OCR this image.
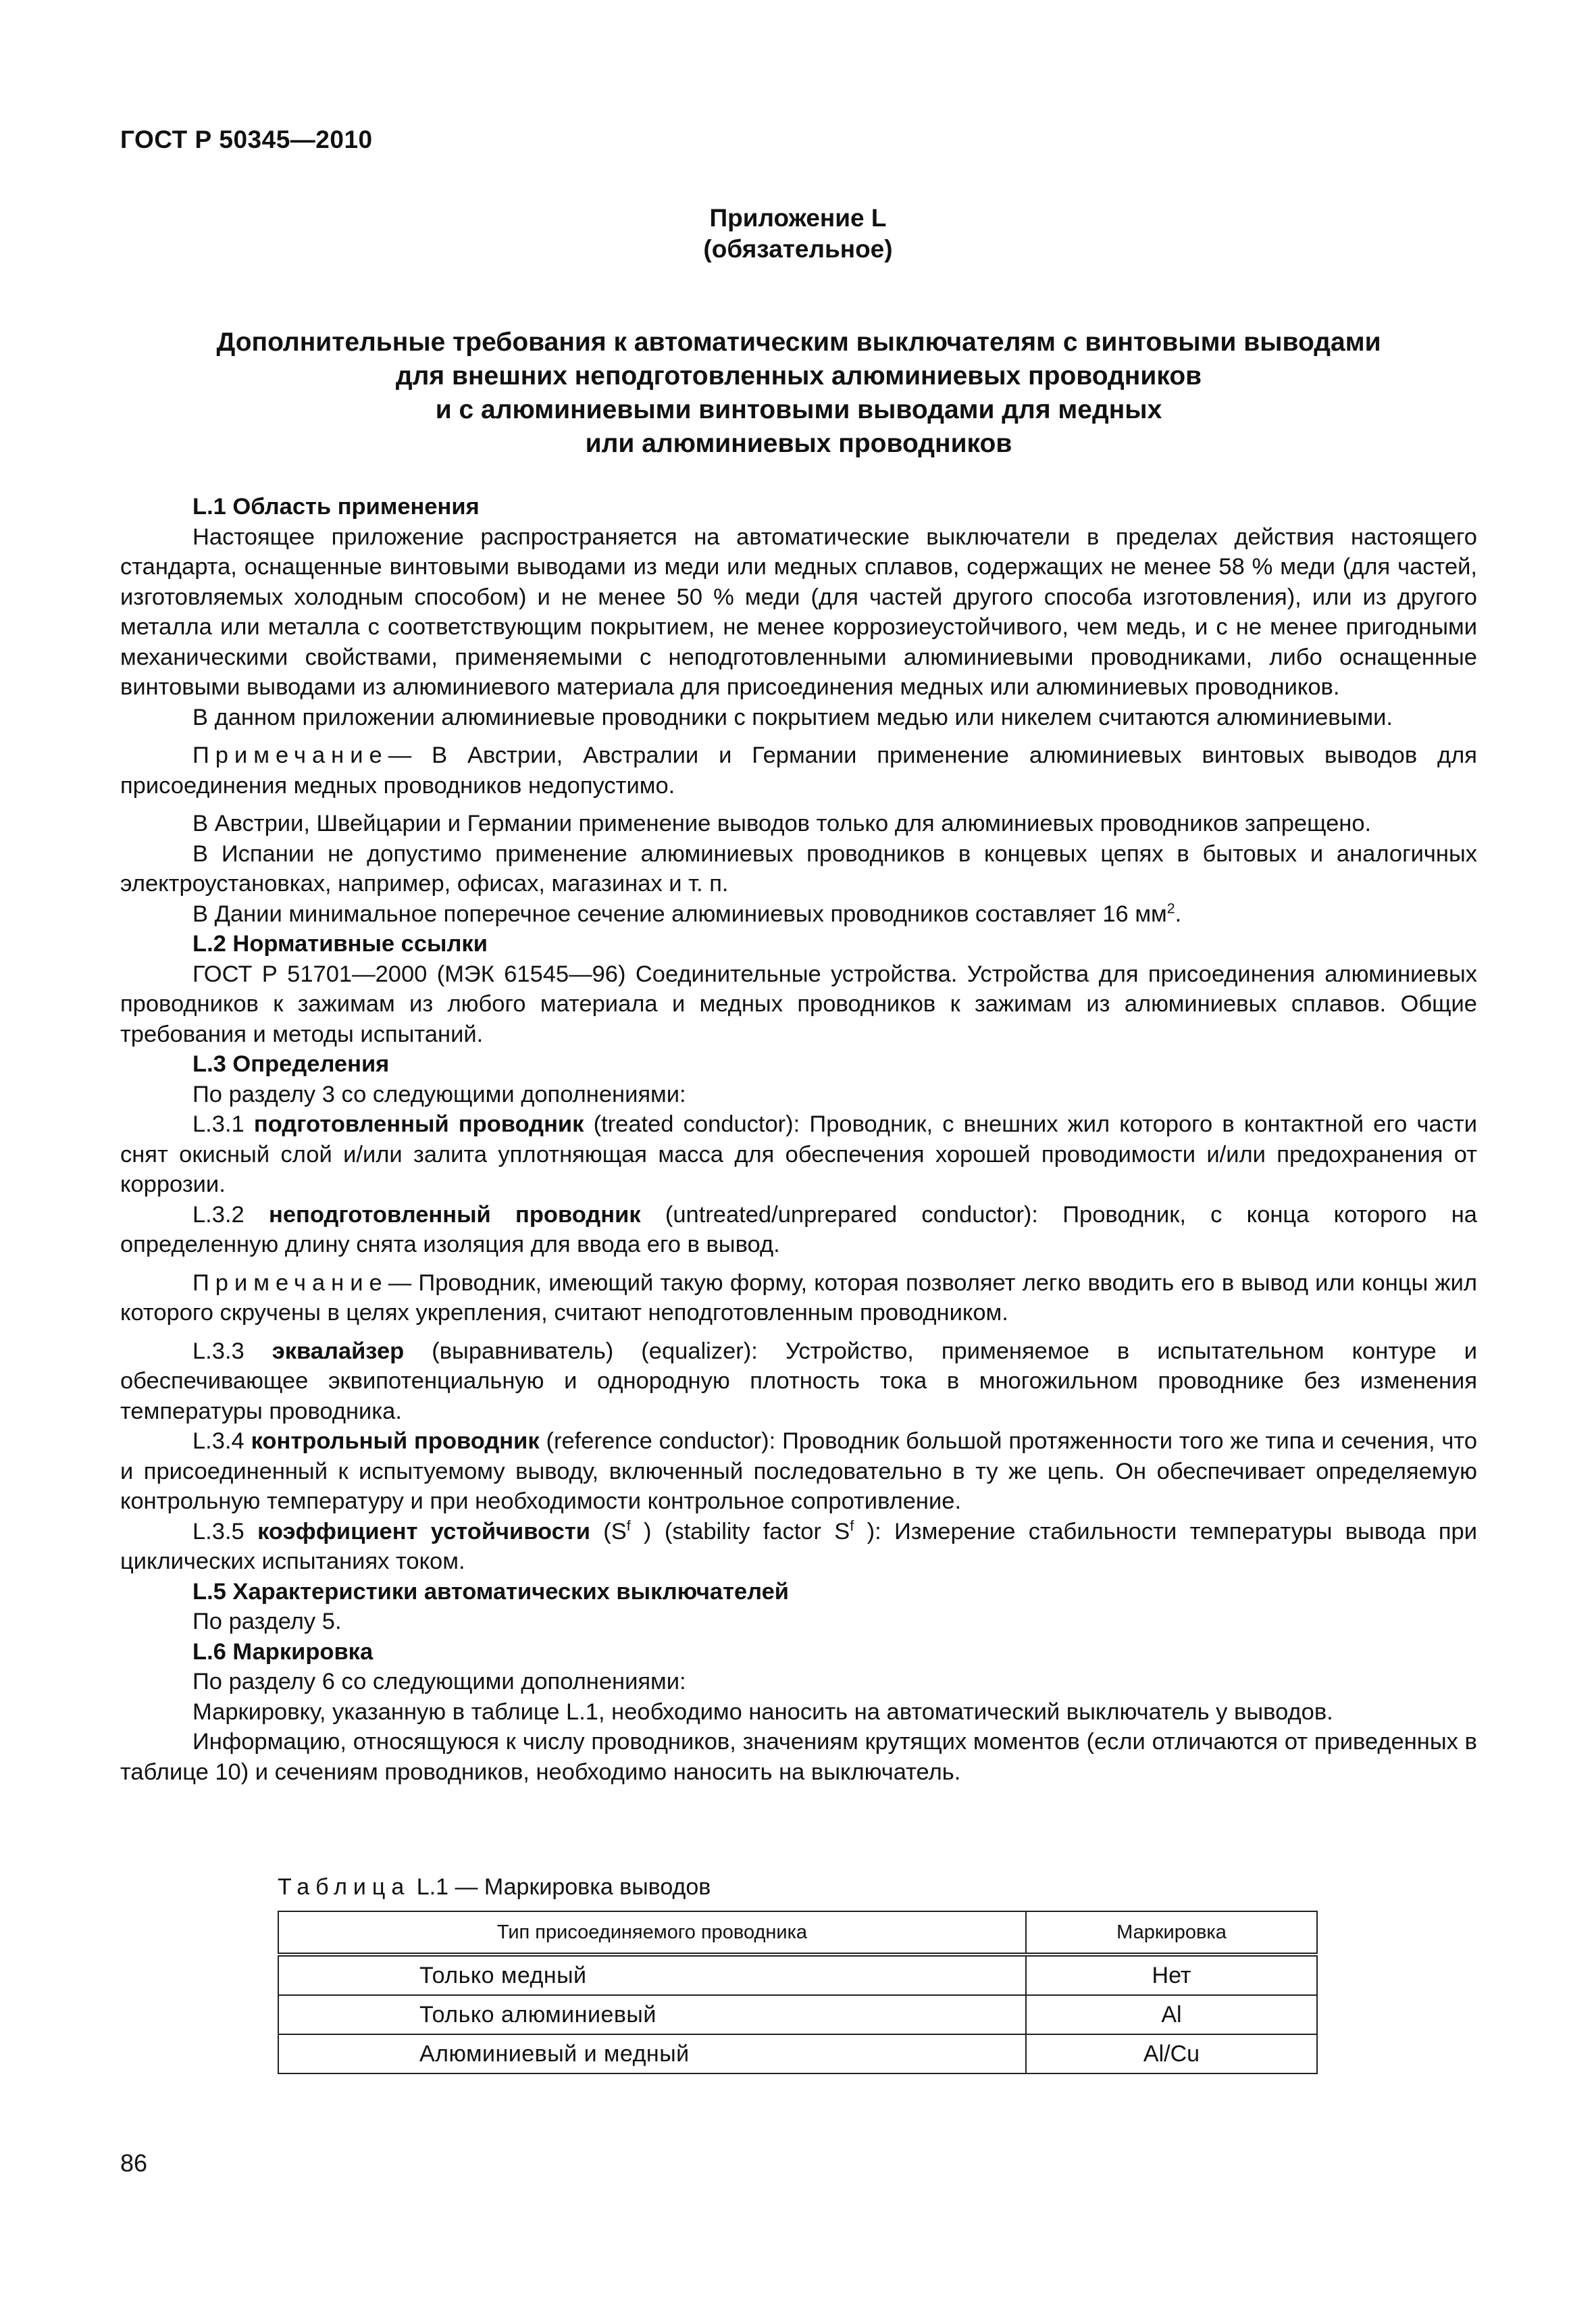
ГОСТ Р 50345—2010
Приложение L
(обязательное)
Дополнительные требования к автоматическим выключателям с винтовыми выводами
для внешних неподготовленных алюминиевых проводников
и с алюминиевыми винтовыми выводами для медных
или алюминиевых проводников

L.1 Область применения

Настоящее приложение распространяется на автоматические выключатели в пределах действия настоящего стандарта, оснащенные винтовыми выводами из меди или медных сплавов, содержащих не менее 58 % меди (для частей, изготовляемых холодным способом) и не менее 50 % меди (для частей другого способа изготовления), или из другого металла или металла с соответствующим покрытием, не менее коррозиеустойчивого, чем медь, и с не менее пригодными механическими свойствами, применяемыми с неподготовленными алюминиевыми проводниками, либо оснащенные винтовыми выводами из алюминиевого материала для присоединения медных или алюминиевых проводников.

В данном приложении алюминиевые проводники с покрытием медью или никелем считаются алюминиевыми.

Примечание— В Австрии, Австралии и Германии применение алюминиевых винтовых выводов для присоединения медных проводников недопустимо.

В Австрии, Швейцарии и Германии применение выводов только для алюминиевых проводников запрещено.

В Испании не допустимо применение алюминиевых проводников в концевых цепях в бытовых и аналогичных электроустановках, например, офисах, магазинах и т. п.

В Дании минимальное поперечное сечение алюминиевых проводников составляет 16 $мм^2$.

L.2 Нормативные ссылки

ГОСТ Р 51701—2000 (МЭК 61545—96) Соединительные устройства. Устройства для присоединения алюминиевых проводников к зажимам из любого материала и медных проводников к зажимам из алюминиевых сплавов. Общие требования и методы испытаний.

L.3 Определения

По разделу 3 со следующими дополнениями:

L.3.1 подготовленный проводник (treated conductor): Проводник, с внешних жил которого в контактной его части снят окисный слой и/или залита уплотняющая масса для обеспечения хорошей проводимости и/или предохранения от коррозии.

L.3.2 неподготовленный проводник (untreated/unprepared conductor): Проводник, с конца которого на определенную длину снята изоляция для ввода его в вывод.

Примечание— Проводник, имеющий такую форму, которая позволяет легко вводить его в вывод или концы жил которого скручены в целях укрепления, считают неподготовленным проводником.

L.3.3 эквалайзер (выравниватель) (equalizer): Устройство, применяемое в испытательном контуре и обеспечивающее эквипотенциальную и однородную плотность тока в многожильном проводнике без изменения температуры проводника.

L.3.4 контрольный проводник (reference conductor): Проводник большой протяженности того же типа и сечения, что и присоединенный к испытуемому выводу, включенный последовательно в ту же цепь. Он обеспечивает определяемую контрольную температуру и при необходимости контрольное сопротивление.

L.3.5 коэффициент устойчивости ($S^f$ ) (stability factor $S^f$ ): Измерение стабильности температуры вывода при циклических испытаниях током.

L.5 Характеристики автоматических выключателей

По разделу 5.

L.6 Маркировка

По разделу 6 со следующими дополнениями:

Маркировку, указанную в таблице L.1, необходимо наносить на автоматический выключатель у выводов.

Информацию, относящуюся к числу проводников, значениям крутящих моментов (если отличаются от приведенных в таблице 10) и сечениям проводников, необходимо наносить на выключатель.

Таблица L.1 — Маркировка выводов
Тип присоединяемого проводника	Маркировка
Только медный	Нет
Только алюминиевый	Al
Алюминиевый и медный	Al/Cu
86
